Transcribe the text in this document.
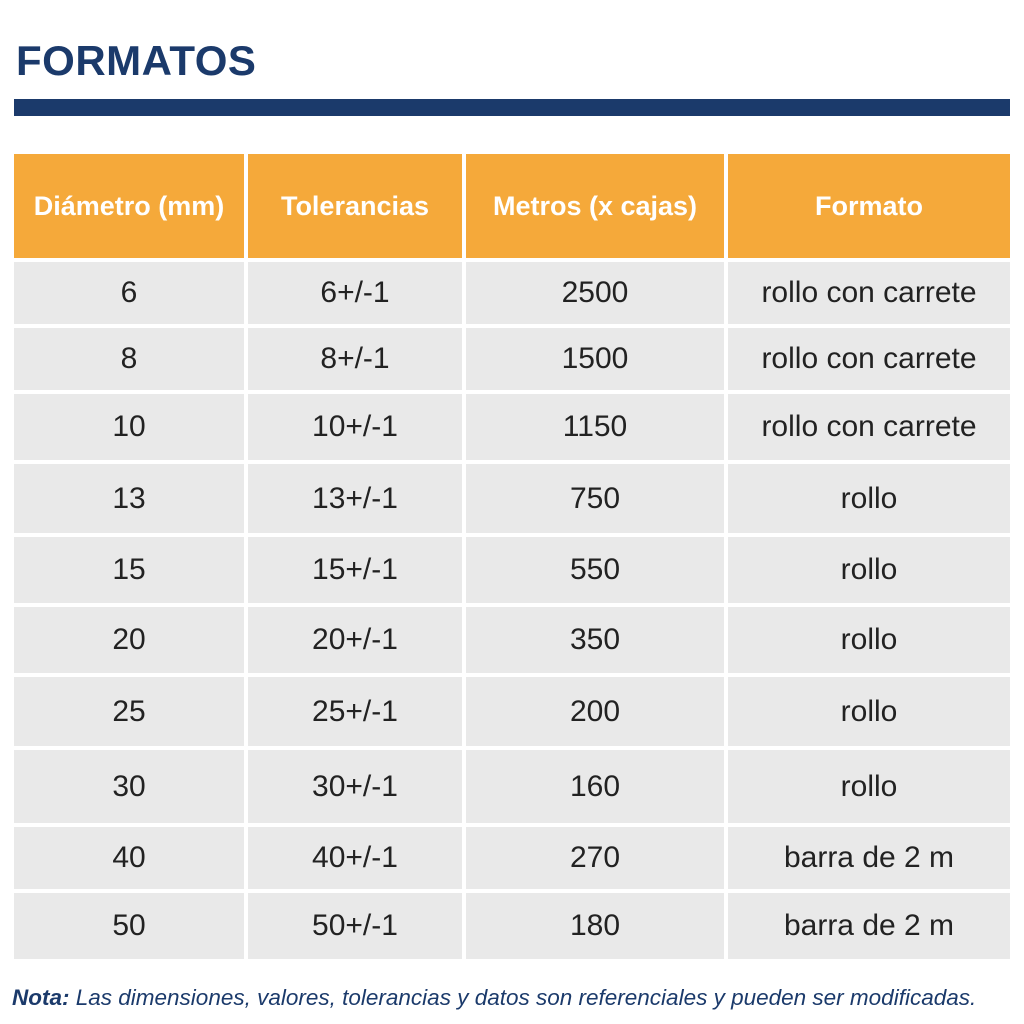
FORMATOS
Diámetro (mm)	Tolerancias	Metros (x cajas)	Formato
6	6+/-1	2500	rollo con carrete
8	8+/-1	1500	rollo con carrete
10	10+/-1	1150	rollo con carrete
13	13+/-1	750	rollo
15	15+/-1	550	rollo
20	20+/-1	350	rollo
25	25+/-1	200	rollo
30	30+/-1	160	rollo
40	40+/-1	270	barra de 2 m
50	50+/-1	180	barra de 2 m

Nota: Las dimensiones, valores, tolerancias y datos son referenciales y pueden ser modificadas.
